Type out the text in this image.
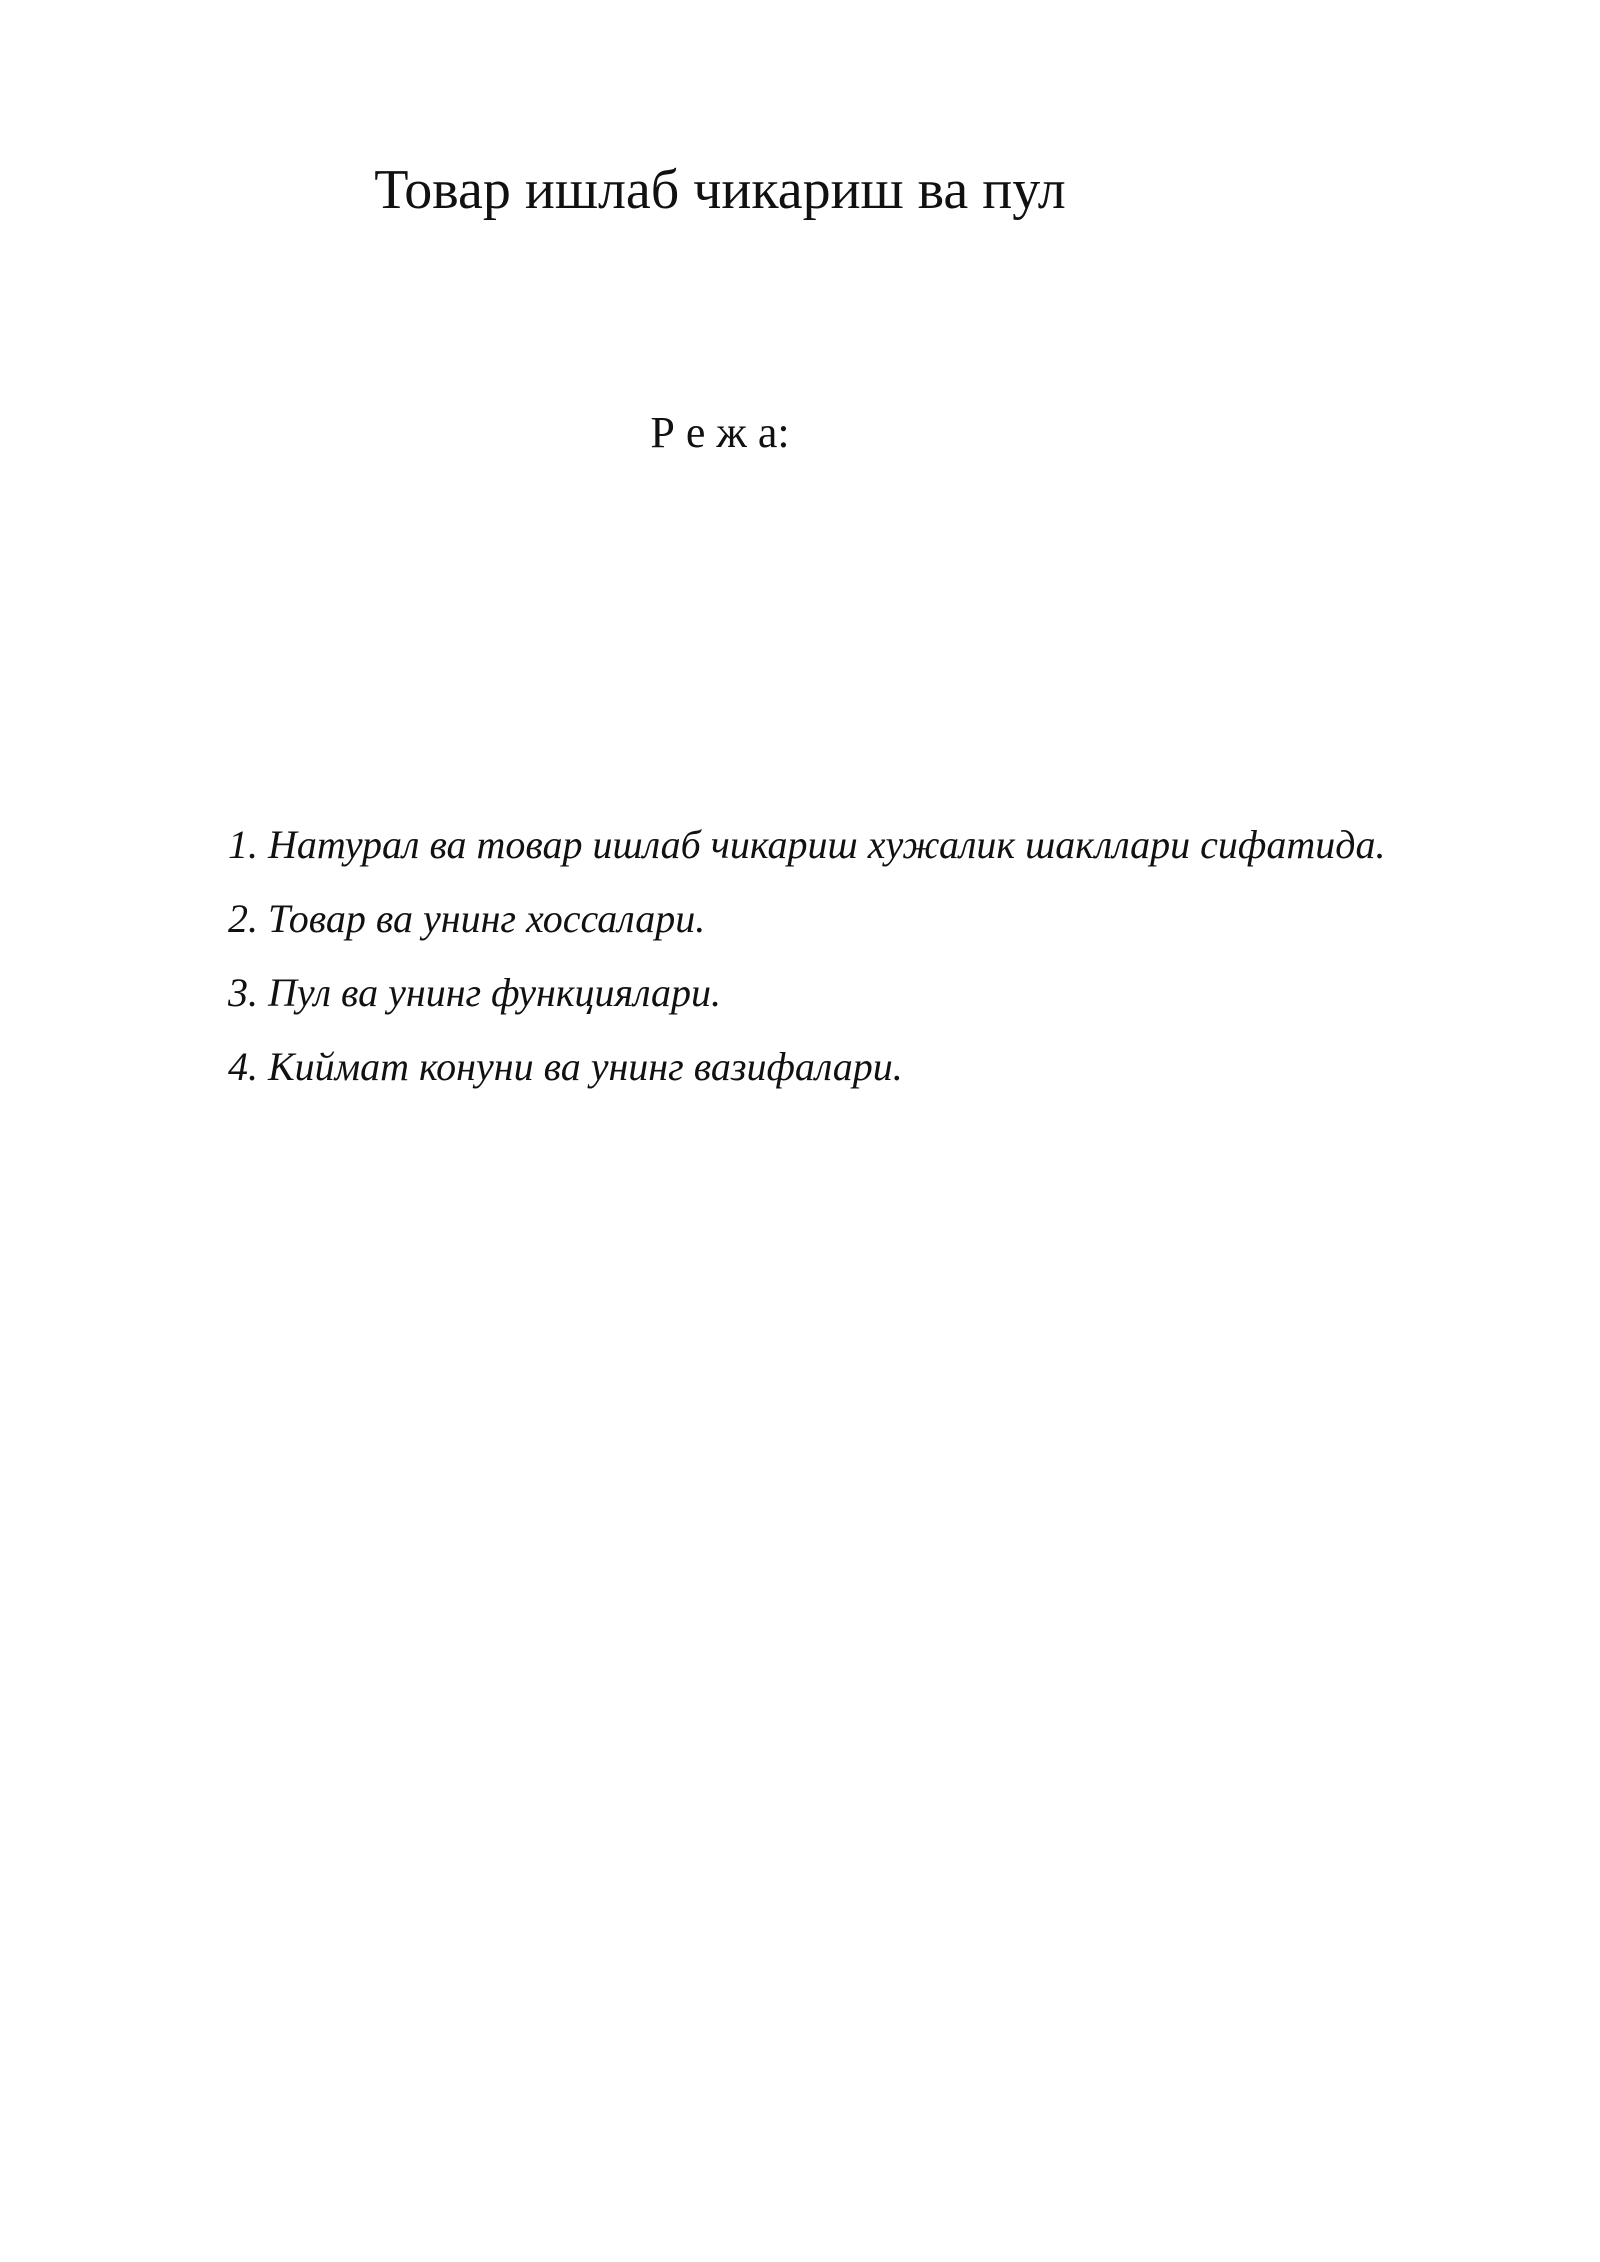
Товар ишлаб чикариш ва пул
Р е ж а:
1. Натурал ва товар ишлаб чикариш хужалик шакллари сифатида.
2. Товар ва унинг хоссалари.
3. Пул ва унинг функциялари.
4. Киймат конуни ва унинг вазифалари.
